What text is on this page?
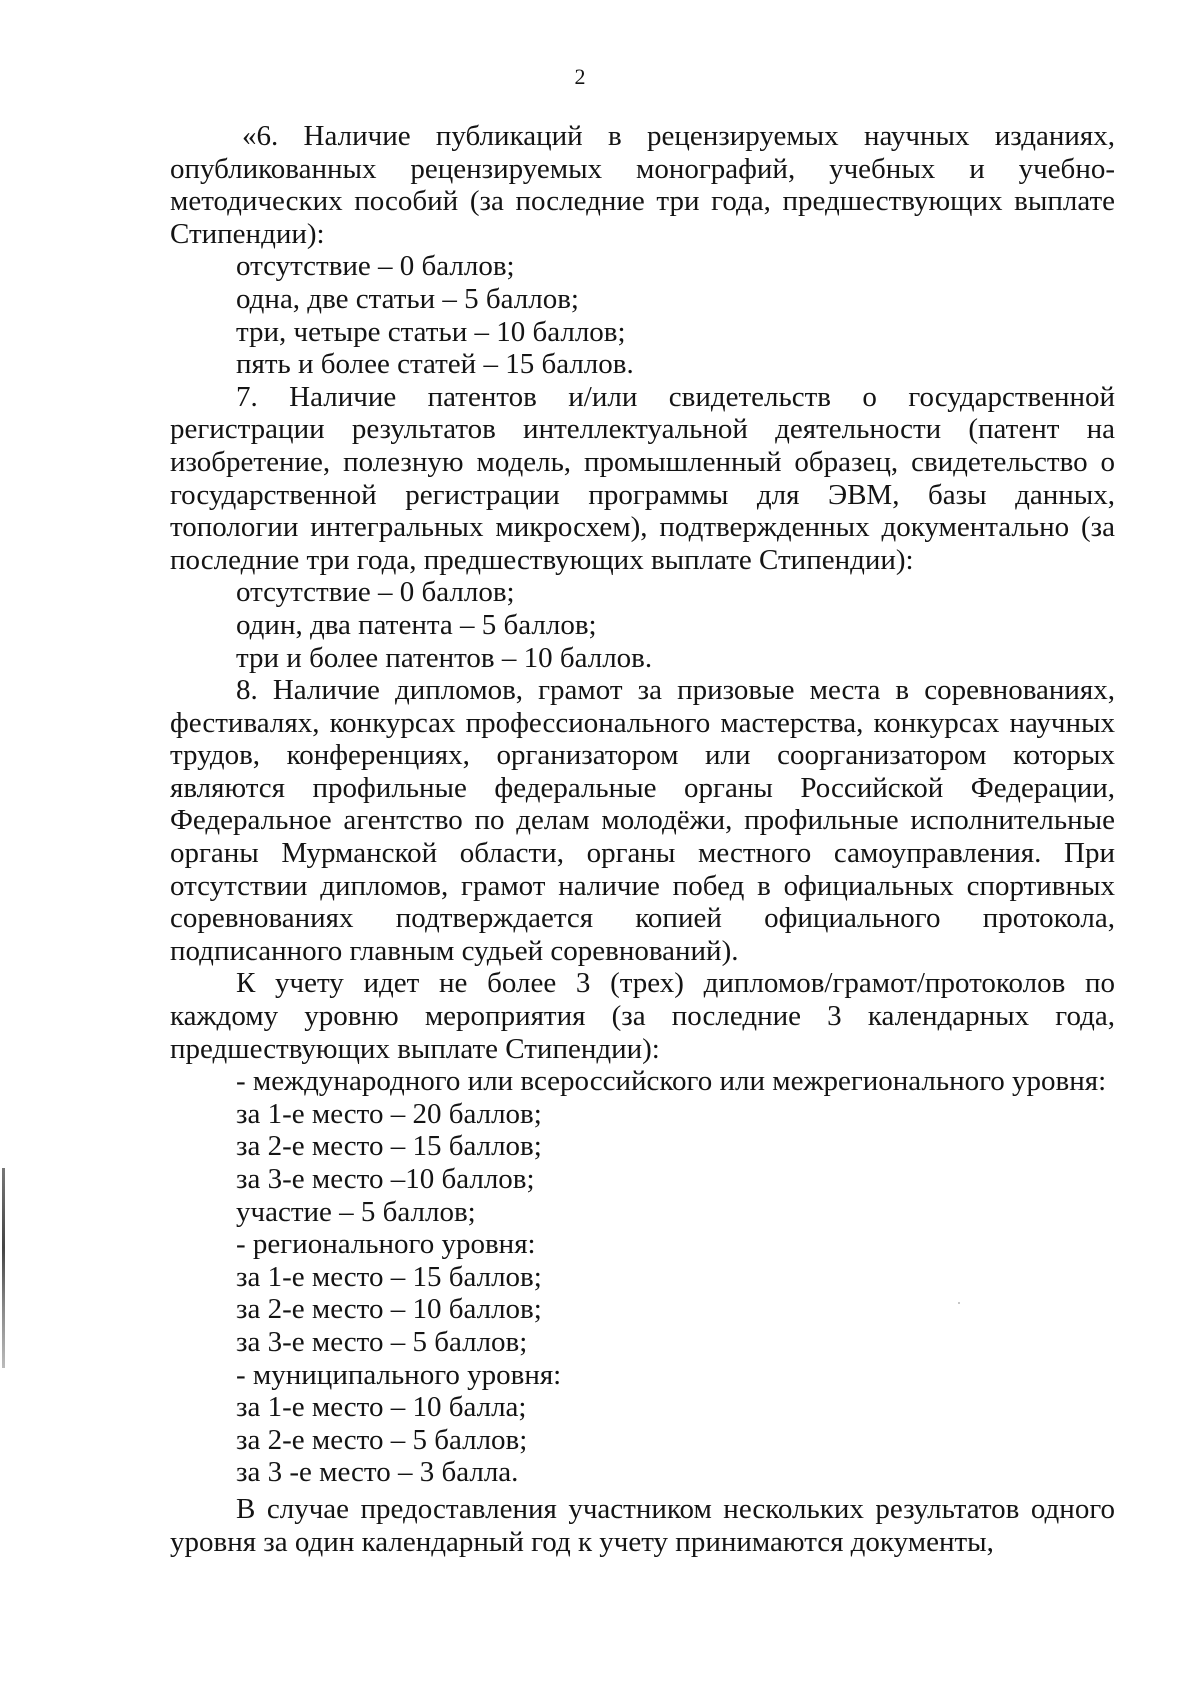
2

«6. Наличие публикаций в рецензируемых научных изданиях, опубликованных рецензируемых монографий, учебных и учебно-методических пособий (за последние три года, предшествующих выплате Стипендии):

отсутствие – 0 баллов;

одна, две статьи – 5 баллов;

три, четыре статьи – 10 баллов;

пять и более статей – 15 баллов.

7. Наличие патентов и/или свидетельств о государственной регистрации результатов интеллектуальной деятельности (патент на изобретение, полезную модель, промышленный образец, свидетельство о государственной регистрации программы для ЭВМ, базы данных, топологии интегральных микросхем), подтвержденных документально (за последние три года, предшествующих выплате Стипендии):

отсутствие – 0 баллов;

один, два патента – 5 баллов;

три и более патентов – 10 баллов.

8. Наличие дипломов, грамот за призовые места в соревнованиях, фестивалях, конкурсах профессионального мастерства, конкурсах научных трудов, конференциях, организатором или соорганизатором которых являются профильные федеральные органы Российской Федерации, Федеральное агентство по делам молодёжи, профильные исполнительные органы Мурманской области, органы местного самоуправления. При отсутствии дипломов, грамот наличие побед в официальных спортивных соревнованиях подтверждается копией официального протокола, подписанного главным судьей соревнований).

К учету идет не более 3 (трех) дипломов/грамот/протоколов по каждому уровню мероприятия (за последние 3 календарных года, предшествующих выплате Стипендии):

- международного или всероссийского или межрегионального уровня:

за 1-е место – 20 баллов;

за 2-е место – 15 баллов;

за 3-е место –10 баллов;

участие – 5 баллов;

- регионального уровня:

за 1-е место – 15 баллов;

за 2-е место – 10 баллов;

за 3-е место – 5 баллов;

- муниципального уровня:

за 1-е место – 10 балла;

за 2-е место – 5 баллов;

за 3 -е место – 3 балла.

В случае предоставления участником нескольких результатов одного уровня за один календарный год к учету принимаются документы,
